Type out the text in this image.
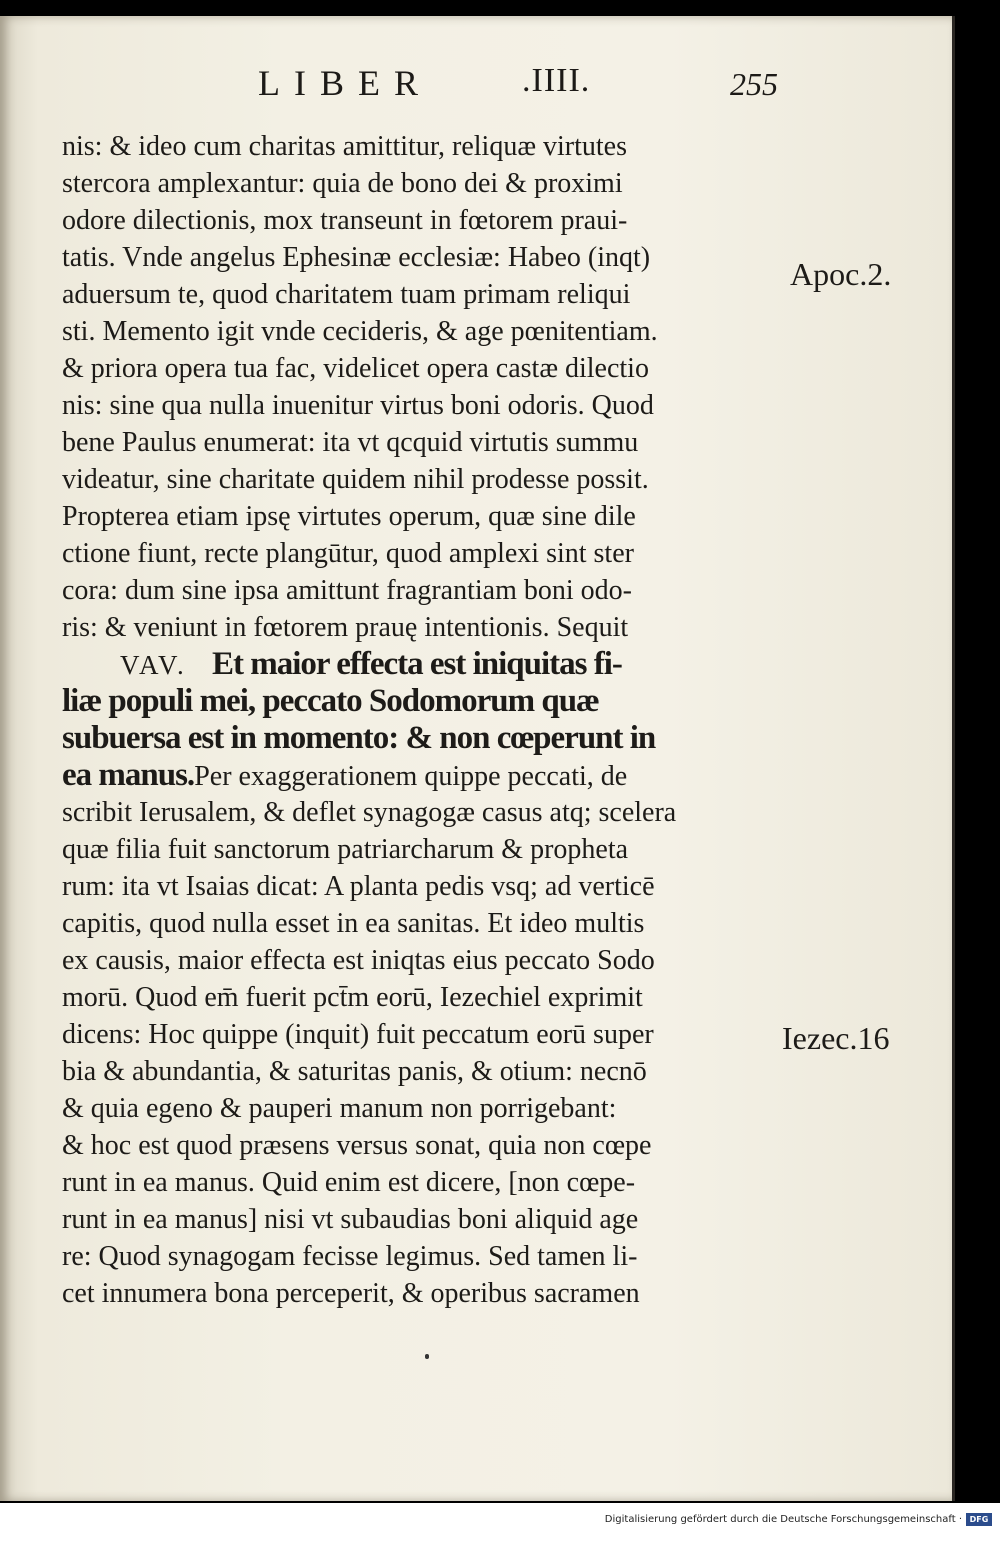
LIBER	.IIII.	255
Apoc.2.
Iezec.16
nis: & ideo cum charitas amittitur, reliquæ virtutes
stercora amplexantur: quia de bono dei & proximi
odore dilectionis, mox transeunt in fœtorem praui-
tatis. Vnde angelus Ephesinæ ecclesiæ: Habeo (inqt)
aduersum te, quod charitatem tuam primam reliqui
sti. Memento igit vnde cecideris, & age pœnitentiam.
& priora opera tua fac, videlicet opera castæ dilectio
nis: sine qua nulla inuenitur virtus boni odoris. Quod
bene Paulus enumerat: ita vt qcquid virtutis summu
videatur, sine charitate quidem nihil prodesse possit.
Propterea etiam ipsę virtutes operum, quæ sine dile
ctione fiunt, recte plangūtur, quod amplexi sint ster
cora: dum sine ipsa amittunt fragrantiam boni odo-
ris: & veniunt in fœtorem prauę intentionis. Sequit
VAV. Et maior effecta est iniquitas fi-
liæ populi mei, peccato Sodomorum quæ
subuersa est in momento: & non cœperunt in
ea manus.Per exaggerationem quippe peccati, de
scribit Ierusalem, & deflet synagogæ casus atq; scelera
quæ filia fuit sanctorum patriarcharum & propheta
rum: ita vt Isaias dicat: A planta pedis vsq; ad verticē
capitis, quod nulla esset in ea sanitas. Et ideo multis
ex causis, maior effecta est iniqtas eius peccato Sodo
morū. Quod em̄ fuerit pct̄m eorū, Iezechiel exprimit
dicens: Hoc quippe (inquit) fuit peccatum eorū super
bia & abundantia, & saturitas panis, & otium: necnō
& quia egeno & pauperi manum non porrigebant:
& hoc est quod præsens versus sonat, quia non cœpe
runt in ea manus. Quid enim est dicere, [non cœpe-
runt in ea manus] nisi vt subaudias boni aliquid age
re: Quod synagogam fecisse legimus. Sed tamen li-
cet innumera bona perceperit, & operibus sacramen
Digitalisierung gefördert durch die Deutsche Forschungsgemeinschaft · DFG
